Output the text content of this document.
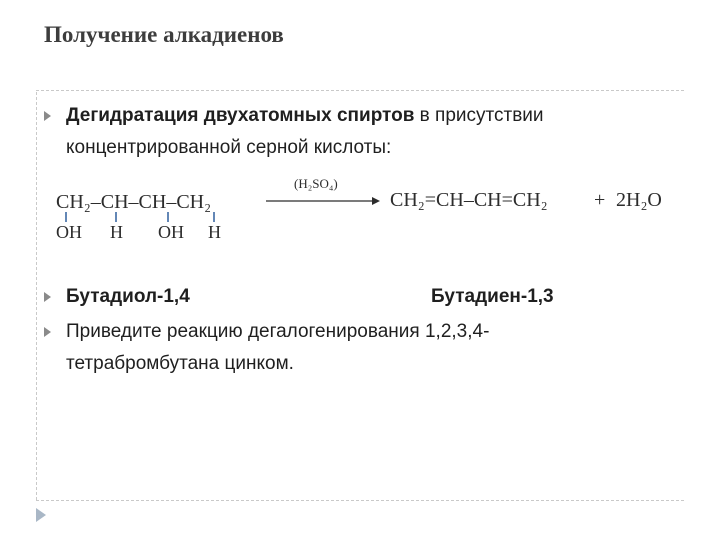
Получение алкадиенов
Дегидратация двухатомных спиртов в присутствии
концентрированной серной кислоты:
CH₂–CH–CH–CH₂
OH H OH H
(H₂SO₄)
CH₂=CH–CH=CH₂ + 2H₂O
Бутадиол-1,4	Бутадиен-1,3
Приведите реакцию дегалогенирования 1,2,3,4-
тетрабромбутана цинком.
